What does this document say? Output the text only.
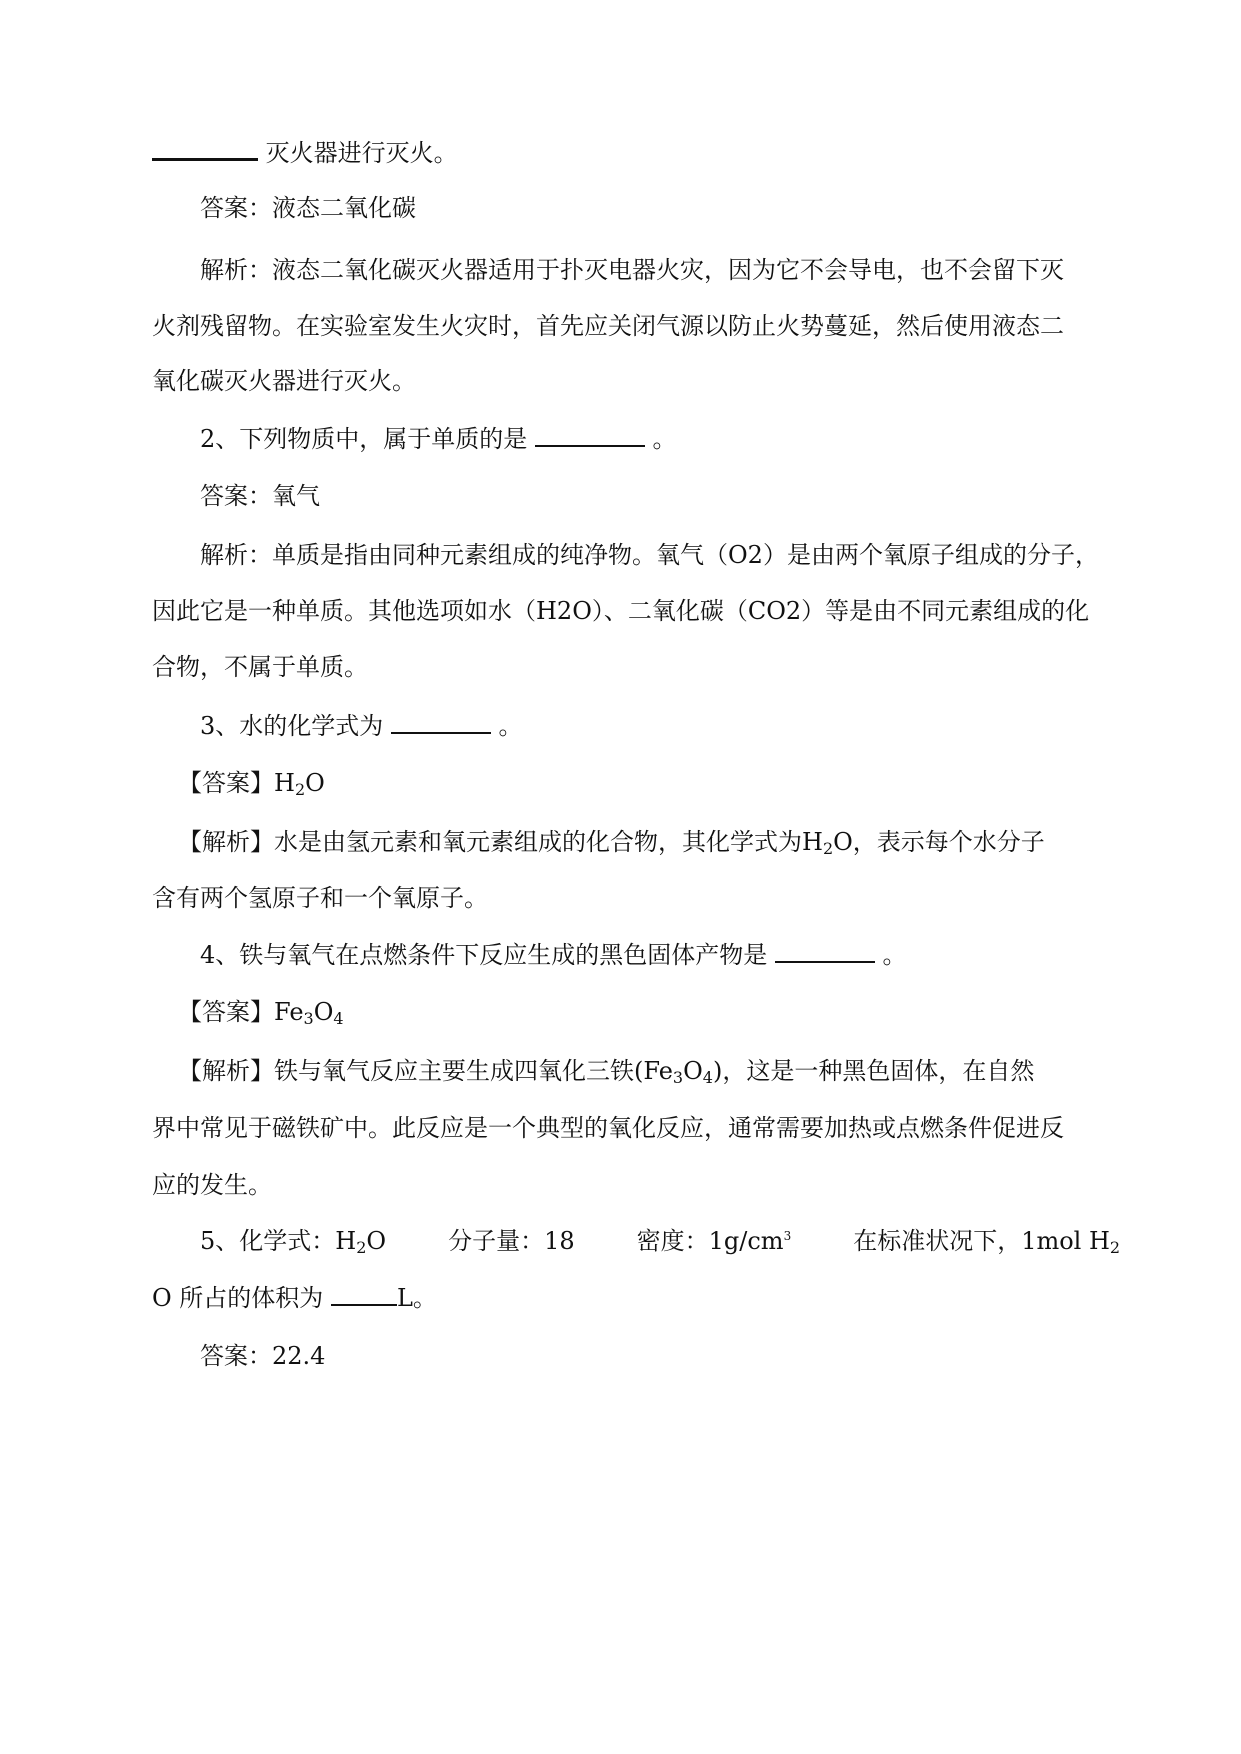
灭火器进行灭火。
答案：液态二氧化碳
解析：液态二氧化碳灭火器适用于扑灭电器火灾，因为它不会导电，也不会留下灭
火剂残留物。在实验室发生火灾时，首先应关闭气源以防止火势蔓延，然后使用液态二
氧化碳灭火器进行灭火。
2、下列物质中，属于单质的是	。
答案：氧气
解析：单质是指由同种元素组成的纯净物。氧气（O2）是由两个氧原子组成的分子，
因此它是一种单质。其他选项如水（H2O）、二氧化碳（CO2）等是由不同元素组成的化
合物，不属于单质。
3、水的化学式为	。
【答案】$H_2O$
【解析】水是由氢元素和氧元素组成的化合物，其化学式为$H_2O$，表示每个水分子
含有两个氢原子和一个氧原子。
4、铁与氧气在点燃条件下反应生成的黑色固体产物是	。
【答案】$Fe_3O_4$
【解析】铁与氧气反应主要生成四氧化三铁$(Fe_3O_4)$，这是一种黑色固体，在自然
界中常见于磁铁矿中。此反应是一个典型的氧化反应，通常需要加热或点燃条件促进反
应的发生。
5、化学式：$H_2O$	分子量：18	密度：$1g/cm^3$	在标准状况下，1mol $H_2$
O 所占的体积为	L。
答案：22.4
